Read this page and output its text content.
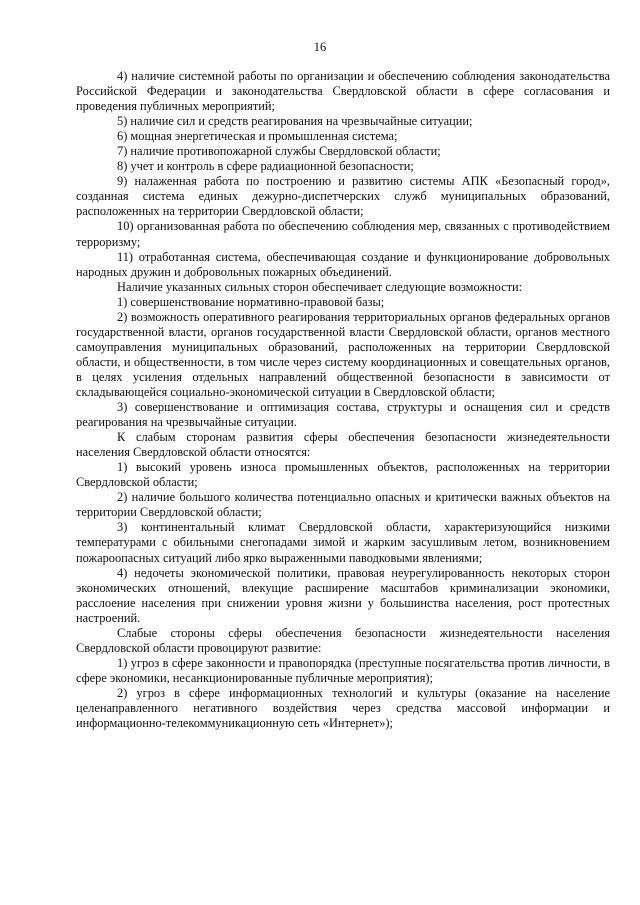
16

4) наличие системной работы по организации и обеспечению соблюдения законодательства Российской Федерации и законодательства Свердловской области в сфере согласования и проведения публичных мероприятий;

5) наличие сил и средств реагирования на чрезвычайные ситуации;

6) мощная энергетическая и промышленная система;

7) наличие противопожарной службы Свердловской области;

8) учет и контроль в сфере радиационной безопасности;

9) налаженная работа по построению и развитию системы АПК «Безопасный город», созданная система единых дежурно-диспетчерских служб муниципальных образований, расположенных на территории Свердловской области;

10) организованная работа по обеспечению соблюдения мер, связанных с противодействием терроризму;

11) отработанная система, обеспечивающая создание и функционирование добровольных народных дружин и добровольных пожарных объединений.

Наличие указанных сильных сторон обеспечивает следующие возможности:

1) совершенствование нормативно-правовой базы;

2) возможность оперативного реагирования территориальных органов федеральных органов государственной власти, органов государственной власти Свердловской области, органов местного самоуправления муниципальных образований, расположенных на территории Свердловской области, и общественности, в том числе через систему координационных и совещательных органов, в целях усиления отдельных направлений общественной безопасности в зависимости от складывающейся социально-экономической ситуации в Свердловской области;

3) совершенствование и оптимизация состава, структуры и оснащения сил и средств реагирования на чрезвычайные ситуации.

К слабым сторонам развития сферы обеспечения безопасности жизнедеятельности населения Свердловской области относятся:

1) высокий уровень износа промышленных объектов, расположенных на территории Свердловской области;

2) наличие большого количества потенциально опасных и критически важных объектов на территории Свердловской области;

3) континентальный климат Свердловской области, характеризующийся низкими температурами с обильными снегопадами зимой и жарким засушливым летом, возникновением пожароопасных ситуаций либо ярко выраженными паводковыми явлениями;

4) недочеты экономической политики, правовая неурегулированность некоторых сторон экономических отношений, влекущие расширение масштабов криминализации экономики, расслоение населения при снижении уровня жизни у большинства населения, рост протестных настроений.

Слабые стороны сферы обеспечения безопасности жизнедеятельности населения Свердловской области провоцируют развитие:

1) угроз в сфере законности и правопорядка (преступные посягательства против личности, в сфере экономики, несанкционированные публичные мероприятия);

2) угроз в сфере информационных технологий и культуры (оказание на население целенаправленного негативного воздействия через средства массовой информации и информационно-телекоммуникационную сеть «Интернет»);
